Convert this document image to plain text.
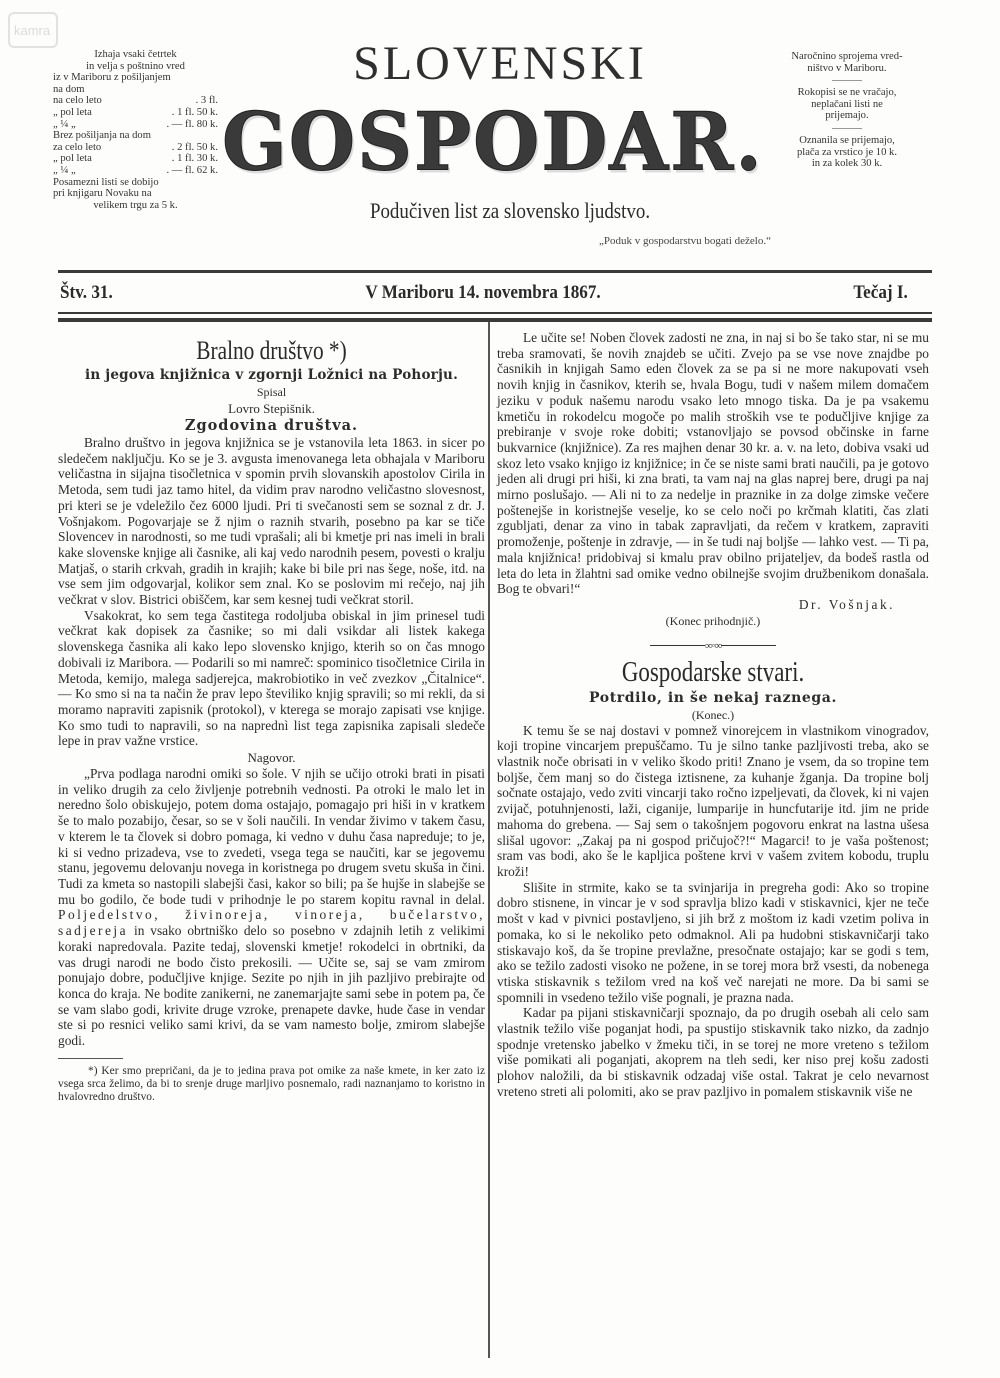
kamra
Izhaja vsaki četrtek
in velja s poštnino vred
iz v Mariboru z pošiljanjem
na dom
na celo leto	. 3 fl.
„ pol leta	. 1 fl. 50 k.
„ ¼ „	. — fl. 80 k.
Brez pošiljanja na dom
za celo leto	. 2 fl. 50 k.
„ pol leta	. 1 fl. 30 k.
„ ¼ „	. — fl. 62 k.
Posamezni listi se dobijo
pri knjigaru Novaku na
velikem trgu za 5 k.
SLOVENSKI
GOSPODAR.
Podučiven list za slovensko ljudstvo.
„Poduk v gospodarstvu bogati deželo.“
Naročnino sprojema vred-
ništvo v Mariboru.
Rokopisi se ne vračajo,
neplačani listi ne
prijemajo.
Oznanila se prijemajo,
plača za vrstico je 10 k.
in za kolek 30 k.
Štv. 31.	V Mariboru 14. novembra 1867.	Tečaj I.
Bralno društvo *)
in jegova knjižnica v zgornji Ložnici na Pohorju.
Spisal
Lovro Stepišnik.
Zgodovina društva.

Bralno društvo in jegova knjižnica se je vstanovila leta 1863. in sicer po sledečem naključju. Ko se je 3. avgusta imenovanega leta obhajala v Mariboru veličastna in sijajna tisočletnica v spomin prvih slovanskih apostolov Cirila in Metoda, sem tudi jaz tamo hitel, da vidim prav narodno veličastno slovesnost, pri kteri se je vdeležilo čez 6000 ljudi. Pri ti svečanosti sem se soznal z dr. J. Vošnjakom. Pogovarjaje se ž njim o raznih stvarih, posebno pa kar se tiče Slovencev in narodnosti, so me tudi vprašali; ali bi kmetje pri nas imeli in brali kake slovenske knjige ali časnike, ali kaj vedo narodnih pesem, povesti o kralju Matjaš, o starih crkvah, gradih in krajih; kake bi bile pri nas šege, noše, itd. na vse sem jim odgovarjal, kolikor sem znal. Ko se poslovim mi rečejo, naj jih večkrat v slov. Bistrici obiščem, kar sem kesnej tudi večkrat storil.

Vsakokrat, ko sem tega častitega rodoljuba obiskal in jim prinesel tudi večkrat kak dopisek za časnike; so mi dali vsikdar ali listek kakega slovenskega časnika ali kako lepo slovensko knjigo, kterih so on čas mnogo dobivali iz Maribora. — Podarili so mi namreč: spominico tisočletnice Cirila in Metoda, kemijo, malega sadjerejca, makrobiotiko in več zvezkov „Čitalnice“. — Ko smo si na ta način že prav lepo številiko knjig spravili; so mi rekli, da si moramo napraviti zapisnik (protokol), v kterega se morajo zapisati vse knjige. Ko smo tudi to napravili, so na naprednì list tega zapisnika zapisali sledeče lepe in prav važne vrstice.

Nagovor.

„Prva podlaga narodni omiki so šole. V njih se učijo otroki brati in pisati in veliko drugih za celo življenje potrebnih vednosti. Pa otroki le malo let in neredno šolo obiskujejo, potem doma ostajajo, pomagajo pri hiši in v kratkem še to malo pozabijo, česar, so se v šoli naučili. In vendar živimo v takem času, v kterem le ta človek si dobro pomaga, ki vedno v duhu časa napreduje; to je, ki si vedno prizadeva, vse to zvedeti, vsega tega se naučiti, kar se jegovemu stanu, jegovemu delovanju novega in koristnega po drugem svetu skuša in čini. Tudi za kmeta so nastopili slabejši časi, kakor so bili; pa še hujše in slabejše se mu bo godilo, če bode tudi v prihodnje le po starem kopitu ravnal in delal. Poljedelstvo, živinoreja, vinoreja, bučelarstvo, sadjereja in vsako obrtniško delo so posebno v zdajnih letih z velikimi koraki napredovala. Pazite tedaj, slovenski kmetje! rokodelci in obrtniki, da vas drugi narodi ne bodo čisto prekosili. — Učite se, saj se vam zmirom ponujajo dobre, podučljive knjige. Sezite po njih in jih pazljivo prebirajte od konca do kraja. Ne bodite zanikerni, ne zanemarjajte sami sebe in potem pa, če se vam slabo godi, krivite druge vzroke, prenapete davke, hude čase in vendar ste si po resnici veliko sami krivi, da se vam namesto bolje, zmirom slabejše godi.

*) Ker smo prepričani, da je to jedina prava pot omike za naše kmete, in ker zato iz vsega srca želimo, da bi to srenje druge marljivo posnemalo, radi naznanjamo to koristno in hvalovredno društvo.

Le učite se! Noben človek zadosti ne zna, in naj si bo še tako star, ni se mu treba sramovati, še novih znajdeb se učiti. Zvejo pa se vse nove znajdbe po časnikih in knjigah Samo eden človek za se pa si ne more nakupovati vseh novih knjig in časnikov, kterih se, hvala Bogu, tudi v našem milem domačem jeziku v poduk našemu narodu vsako leto mnogo tiska. Da je pa vsakemu kmetiču in rokodelcu mogoče po malih stroških vse te podučljive knjige za prebiranje v svoje roke dobiti; vstanovljajo se povsod občinske in farne bukvarnice (knjižnice). Za res majhen denar 30 kr. a. v. na leto, dobiva vsaki ud skoz leto vsako knjigo iz knjižnice; in če se niste sami brati naučili, pa je gotovo jeden ali drugi pri hiši, ki zna brati, ta vam naj na glas naprej bere, drugi pa naj mirno poslušajo. — Ali ni to za nedelje in praznike in za dolge zimske večere poštenejše in koristnejše veselje, ko se celo noči po krčmah klatiti, čas zlati zgubljati, denar za vino in tabak zapravljati, da rečem v kratkem, zapraviti promoženje, poštenje in zdravje, — in še tudi naj boljše — lahko vest. — Ti pa, mala knjižnica! pridobivaj si kmalu prav obilno prijateljev, da bodeš rastla od leta do leta in žlahtni sad omike vedno obilnejše svojim družbenikom donašala. Bog te obvari!“

Dr. Vošnjak.
(Konec prihodnjič.)
∞◦∞
Gospodarske stvari.
Potrdilo, in še nekaj raznega.
(Konec.)

K temu še se naj dostavi v pomnež vinorejcem in vlastnikom vinogradov, koji tropine vincarjem prepuščamo. Tu je silno tanke pazljivosti treba, ako se vlastnik noče obrisati in v veliko škodo priti! Znano je vsem, da so tropine tem boljše, čem manj so do čistega iztisnene, za kuhanje žganja. Da tropine bolj sočnate ostajajo, vedo zviti vincarji tako ročno izpeljevati, da človek, ki ni vajen zvijač, potuhnjenosti, laži, ciganije, lumparije in huncfutarije itd. jim ne pride mahoma do grebena. — Saj sem o takošnjem pogovoru enkrat na lastna ušesa slišal ugovor: „Zakaj pa ni gospod pričujoč?!“ Magarci! to je vaša poštenost; sram vas bodi, ako še le kapljica poštene krvi v vašem zvitem kobodu, truplu kroži!

Slišite in strmite, kako se ta svinjarija in pregreha godi: Ako so tropine dobro stisnene, in vincar je v sod spravlja blizo kadi v stiskavnici, kjer ne teče mošt v kad v pivnici postavljeno, si jih brž z moštom iz kadi vzetim poliva in pomaka, ko si le nekoliko peto odmaknol. Ali pa hudobni stiskavničarji tako stiskavajo koš, da še tropine prevlažne, presočnate ostajajo; kar se godi s tem, ako se težilo zadosti visoko ne požene, in se torej mora brž vsesti, da nobenega vtiska stiskavnik s težilom vred na koš več narejati ne more. Da bi sami se spomnili in vsedeno težilo više pognali, je prazna nada.

Kadar pa pijani stiskavničarji spoznajo, da po drugih osebah ali celo sam vlastnik težilo više poganjat hodi, pa spustijo stiskavnik tako nizko, da zadnjo spodnje vretensko jabelko v žmeku tiči, in se torej ne more vreteno s težilom više pomikati ali poganjati, akoprem na tleh sedi, ker niso prej košu zadosti plohov naložili, da bi stiskavnik odzadaj više ostal. Takrat je celo nevarnost vreteno streti ali polomiti, ako se prav pazljivo in pomalem stiskavnik više ne
